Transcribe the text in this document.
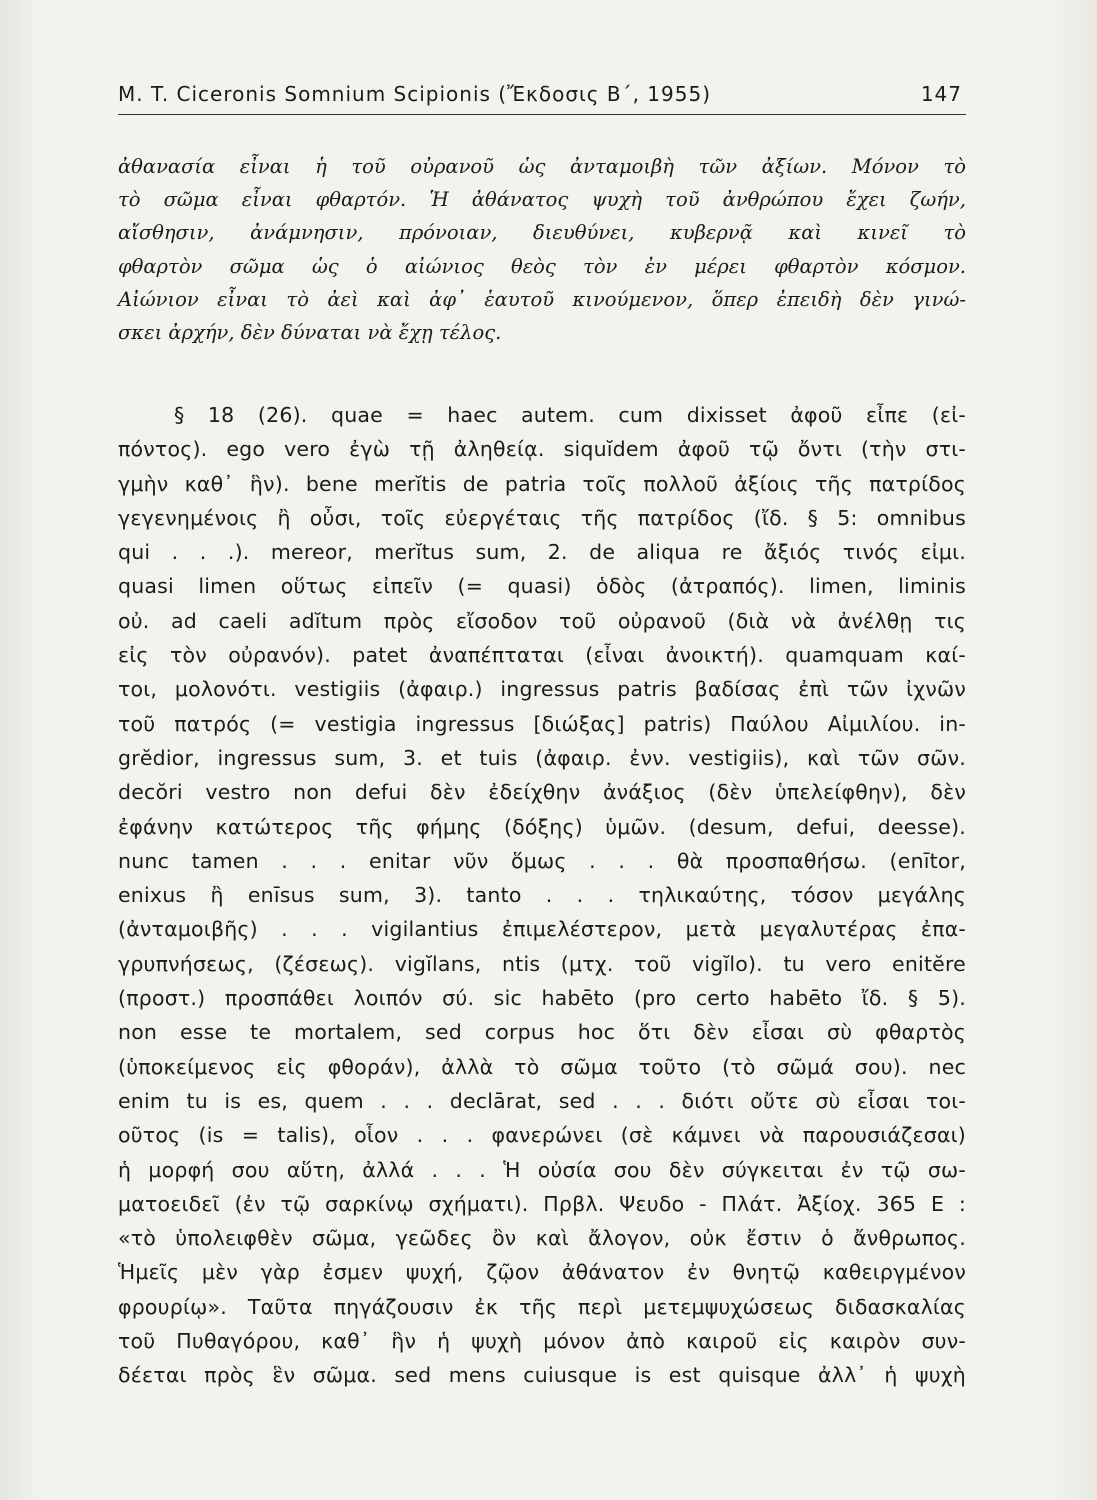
M. T. Ciceronis Somnium Scipionis (Ἔκδοσις Β΄, 1955)	147
ἀθανασία εἶναι ἡ τοῦ οὐρανοῦ ὡς ἀνταμοιβὴ τῶν ἀξίων. Μόνον τὸ
τὸ σῶμα εἶναι φθαρτόν. Ἡ ἀθάνατος ψυχὴ τοῦ ἀνθρώπου ἔχει ζωήν,
αἴσθησιν, ἀνάμνησιν, πρόνοιαν, διευθύνει, κυβερνᾷ καὶ κινεῖ τὸ
φθαρτὸν σῶμα ὡς ὁ αἰώνιος θεὸς τὸν ἐν μέρει φθαρτὸν κόσμον.
Αἰώνιον εἶναι τὸ ἀεὶ καὶ ἀφ᾽ ἑαυτοῦ κινούμενον, ὅπερ ἐπειδὴ δὲν γινώ-
σκει ἀρχήν, δὲν δύναται νὰ ἔχῃ τέλος.
§ 18 (26). quae = haec autem. cum dixisset ἀφοῦ εἶπε (εἰ-
πόντος). ego vero ἐγὼ τῇ ἀληθείᾳ. siquĭdem ἀφοῦ τῷ ὄντι (τὴν στι-
γμὴν καθ᾽ ἣν). bene merĭtis de patria τοῖς πολλοῦ ἀξίοις τῆς πατρίδος
γεγενημένοις ἢ οὖσι, τοῖς εὐεργέταις τῆς πατρίδος (ἴδ. § 5: omnibus
qui . . .). mereor, merĭtus sum, 2. de aliqua re ἄξιός τινός εἰμι.
quasi limen οὕτως εἰπεῖν (= quasi) ὁδὸς (ἀτραπός). limen, liminis
οὐ. ad caeli adĭtum πρὸς εἴσοδον τοῦ οὐρανοῦ (διὰ νὰ ἀνέλθῃ τις
εἰς τὸν οὐρανόν). patet ἀναπέπταται (εἶναι ἀνοικτή). quamquam καί-
τοι, μολονότι. vestigiis (ἀφαιρ.) ingressus patris βαδίσας ἐπὶ τῶν ἰχνῶν
τοῦ πατρός (= vestigia ingressus [διώξας] patris) Παύλου Αἰμιλίου. in-
grĕdior, ingressus sum, 3. et tuis (ἀφαιρ. ἐνν. vestigiis), καὶ τῶν σῶν.
decŏri vestro non defui δὲν ἐδείχθην ἀνάξιος (δὲν ὑπελείφθην), δὲν
ἐφάνην κατώτερος τῆς φήμης (δόξης) ὑμῶν. (desum, defui, deesse).
nunc tamen . . . enitar νῦν ὅμως . . . θὰ προσπαθήσω. (enītor,
enixus ἢ enīsus sum, 3). tanto . . . τηλικαύτης, τόσον μεγάλης
(ἀνταμοιβῆς) . . . vigilantius ἐπιμελέστερον, μετὰ μεγαλυτέρας ἐπα-
γρυπνήσεως, (ζέσεως). vigĭlans, ntis (μτχ. τοῦ vigĭlo). tu vero enitĕre
(προστ.) προσπάθει λοιπόν σύ. sic habēto (pro certo habēto ἴδ. § 5).
non esse te mortalem, sed corpus hoc ὅτι δὲν εἶσαι σὺ φθαρτὸς
(ὑποκείμενος εἰς φθοράν), ἀλλὰ τὸ σῶμα τοῦτο (τὸ σῶμά σου). nec
enim tu is es, quem . . . declārat, sed . . . διότι οὔτε σὺ εἶσαι τοι-
οῦτος (is = talis), οἷον . . . φανερώνει (σὲ κάμνει νὰ παρουσιάζεσαι)
ἡ μορφή σου αὕτη, ἀλλά . . . Ἡ οὐσία σου δὲν σύγκειται ἐν τῷ σω-
ματοειδεῖ (ἐν τῷ σαρκίνῳ σχήματι). Πρβλ. Ψευδο - Πλάτ. Ἀξίοχ. 365 Ε :
«τὸ ὑπολειφθὲν σῶμα, γεῶδες ὂν καὶ ἄλογον, οὐκ ἔστιν ὁ ἄνθρωπος.
Ἡμεῖς μὲν γὰρ ἐσμεν ψυχή, ζῷον ἀθάνατον ἐν θνητῷ καθειργμένον
φρουρίῳ». Ταῦτα πηγάζουσιν ἐκ τῆς περὶ μετεμψυχώσεως διδασκαλίας
τοῦ Πυθαγόρου, καθ᾽ ἣν ἡ ψυχὴ μόνον ἀπὸ καιροῦ εἰς καιρὸν συν-
δέεται πρὸς ἓν σῶμα. sed mens cuiusque is est quisque ἀλλ᾽ ἡ ψυχὴ
